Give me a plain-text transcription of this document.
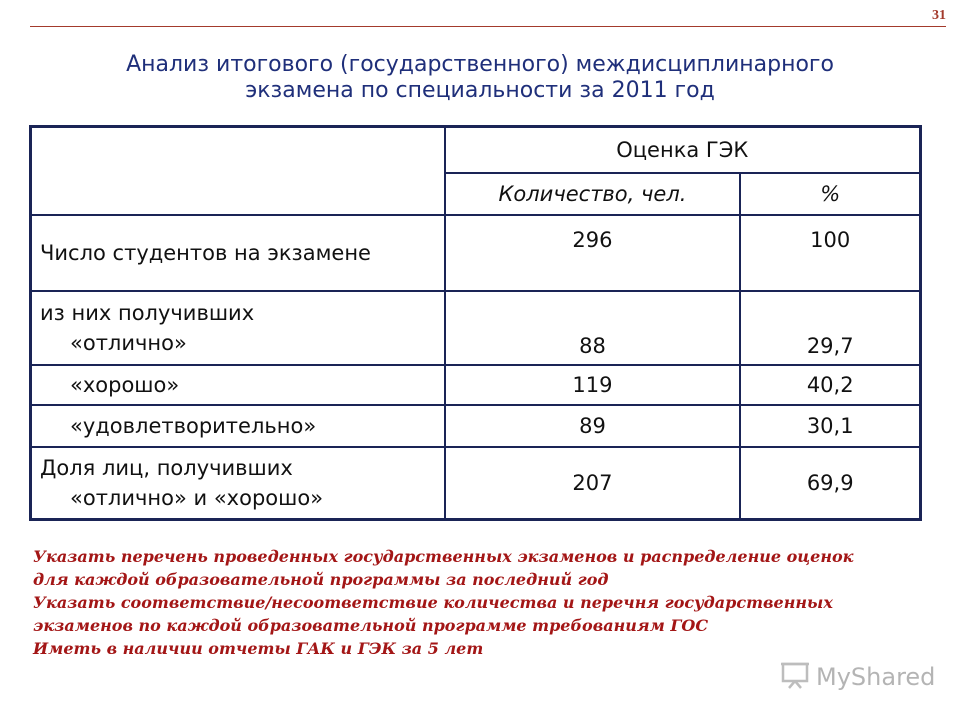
31
Анализ итогового (государственного) междисциплинарного
экзамена по специальности за 2011 год
	Оценка ГЭК	
	Количество, чел.	%
Число студентов на экзамене	296	100

из них получивших
«отлично»	88	29,7
«хорошо»	119	40,2
«удовлетворительно»	89	30,1

Доля лиц, получивших
«отлично» и «хорошо»	207	69,9
Указать перечень проведенных государственных экзаменов и распределение оценок
для каждой образовательной программы за последний год
Указать соответствие/несоответствие количества и перечня государственных
экзаменов по каждой образовательной программе требованиям ГОС
Иметь в наличии отчеты ГАК и ГЭК за 5 лет
MyShared
